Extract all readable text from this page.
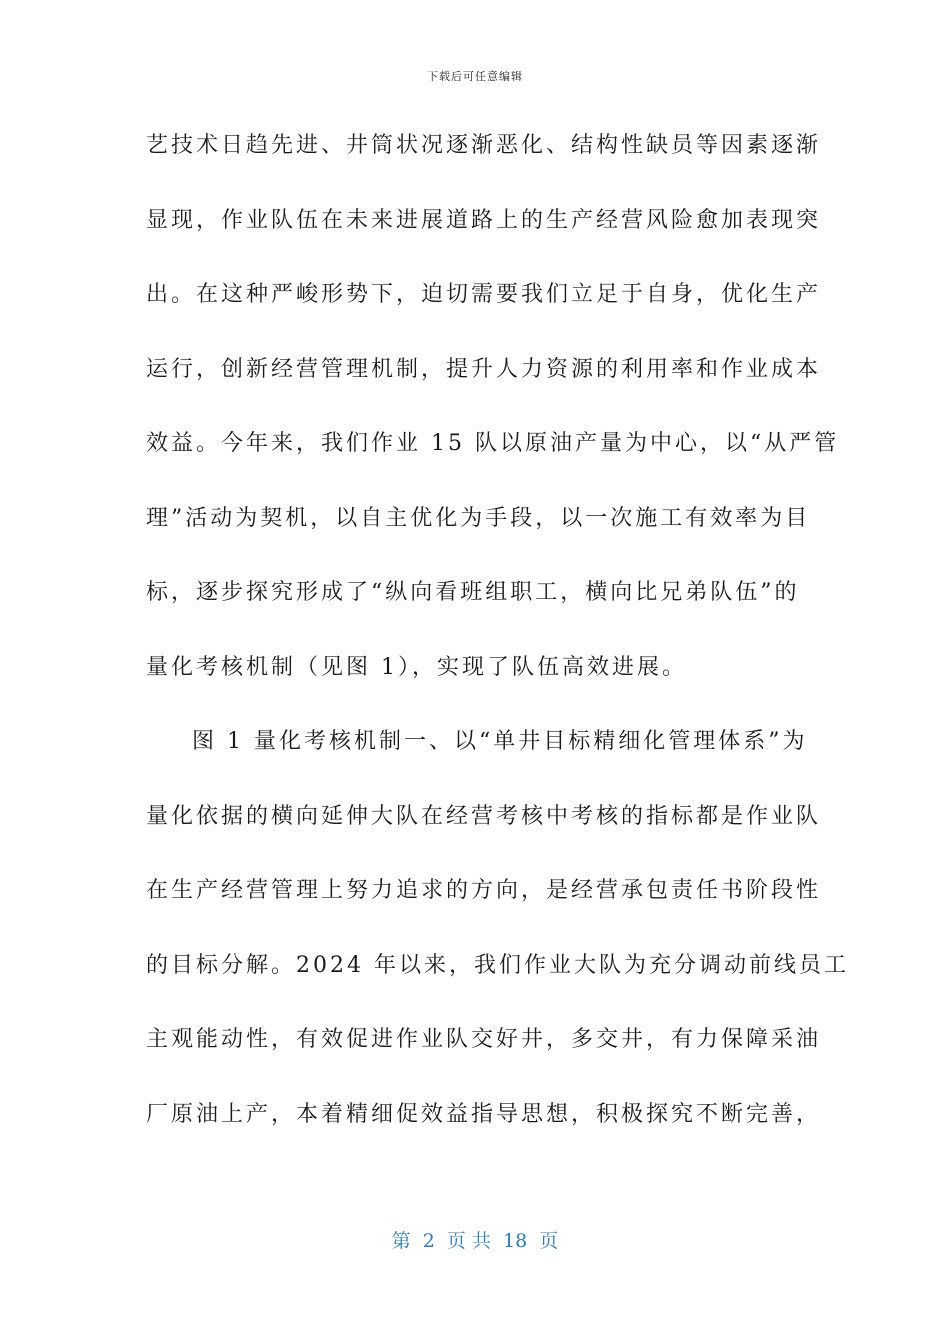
下载后可任意编辑
艺技术日趋先进、井筒状况逐渐恶化、结构性缺员等因素逐渐
显现，作业队伍在未来进展道路上的生产经营风险愈加表现突
出。在这种严峻形势下，迫切需要我们立足于自身，优化生产
运行，创新经营管理机制，提升人力资源的利用率和作业成本
效益。今年来，我们作业 15 队以原油产量为中心，以“从严管
理”活动为契机，以自主优化为手段，以一次施工有效率为目
标，逐步探究形成了“纵向看班组职工，横向比兄弟队伍”的
量化考核机制（见图 1），实现了队伍高效进展。
图 1 量化考核机制一、以“单井目标精细化管理体系”为
量化依据的横向延伸大队在经营考核中考核的指标都是作业队
在生产经营管理上努力追求的方向，是经营承包责任书阶段性
的目标分解。2024 年以来，我们作业大队为充分调动前线员工
主观能动性，有效促进作业队交好井，多交井，有力保障采油
厂原油上产，本着精细促效益指导思想，积极探究不断完善，
第  2  页 共  18  页
